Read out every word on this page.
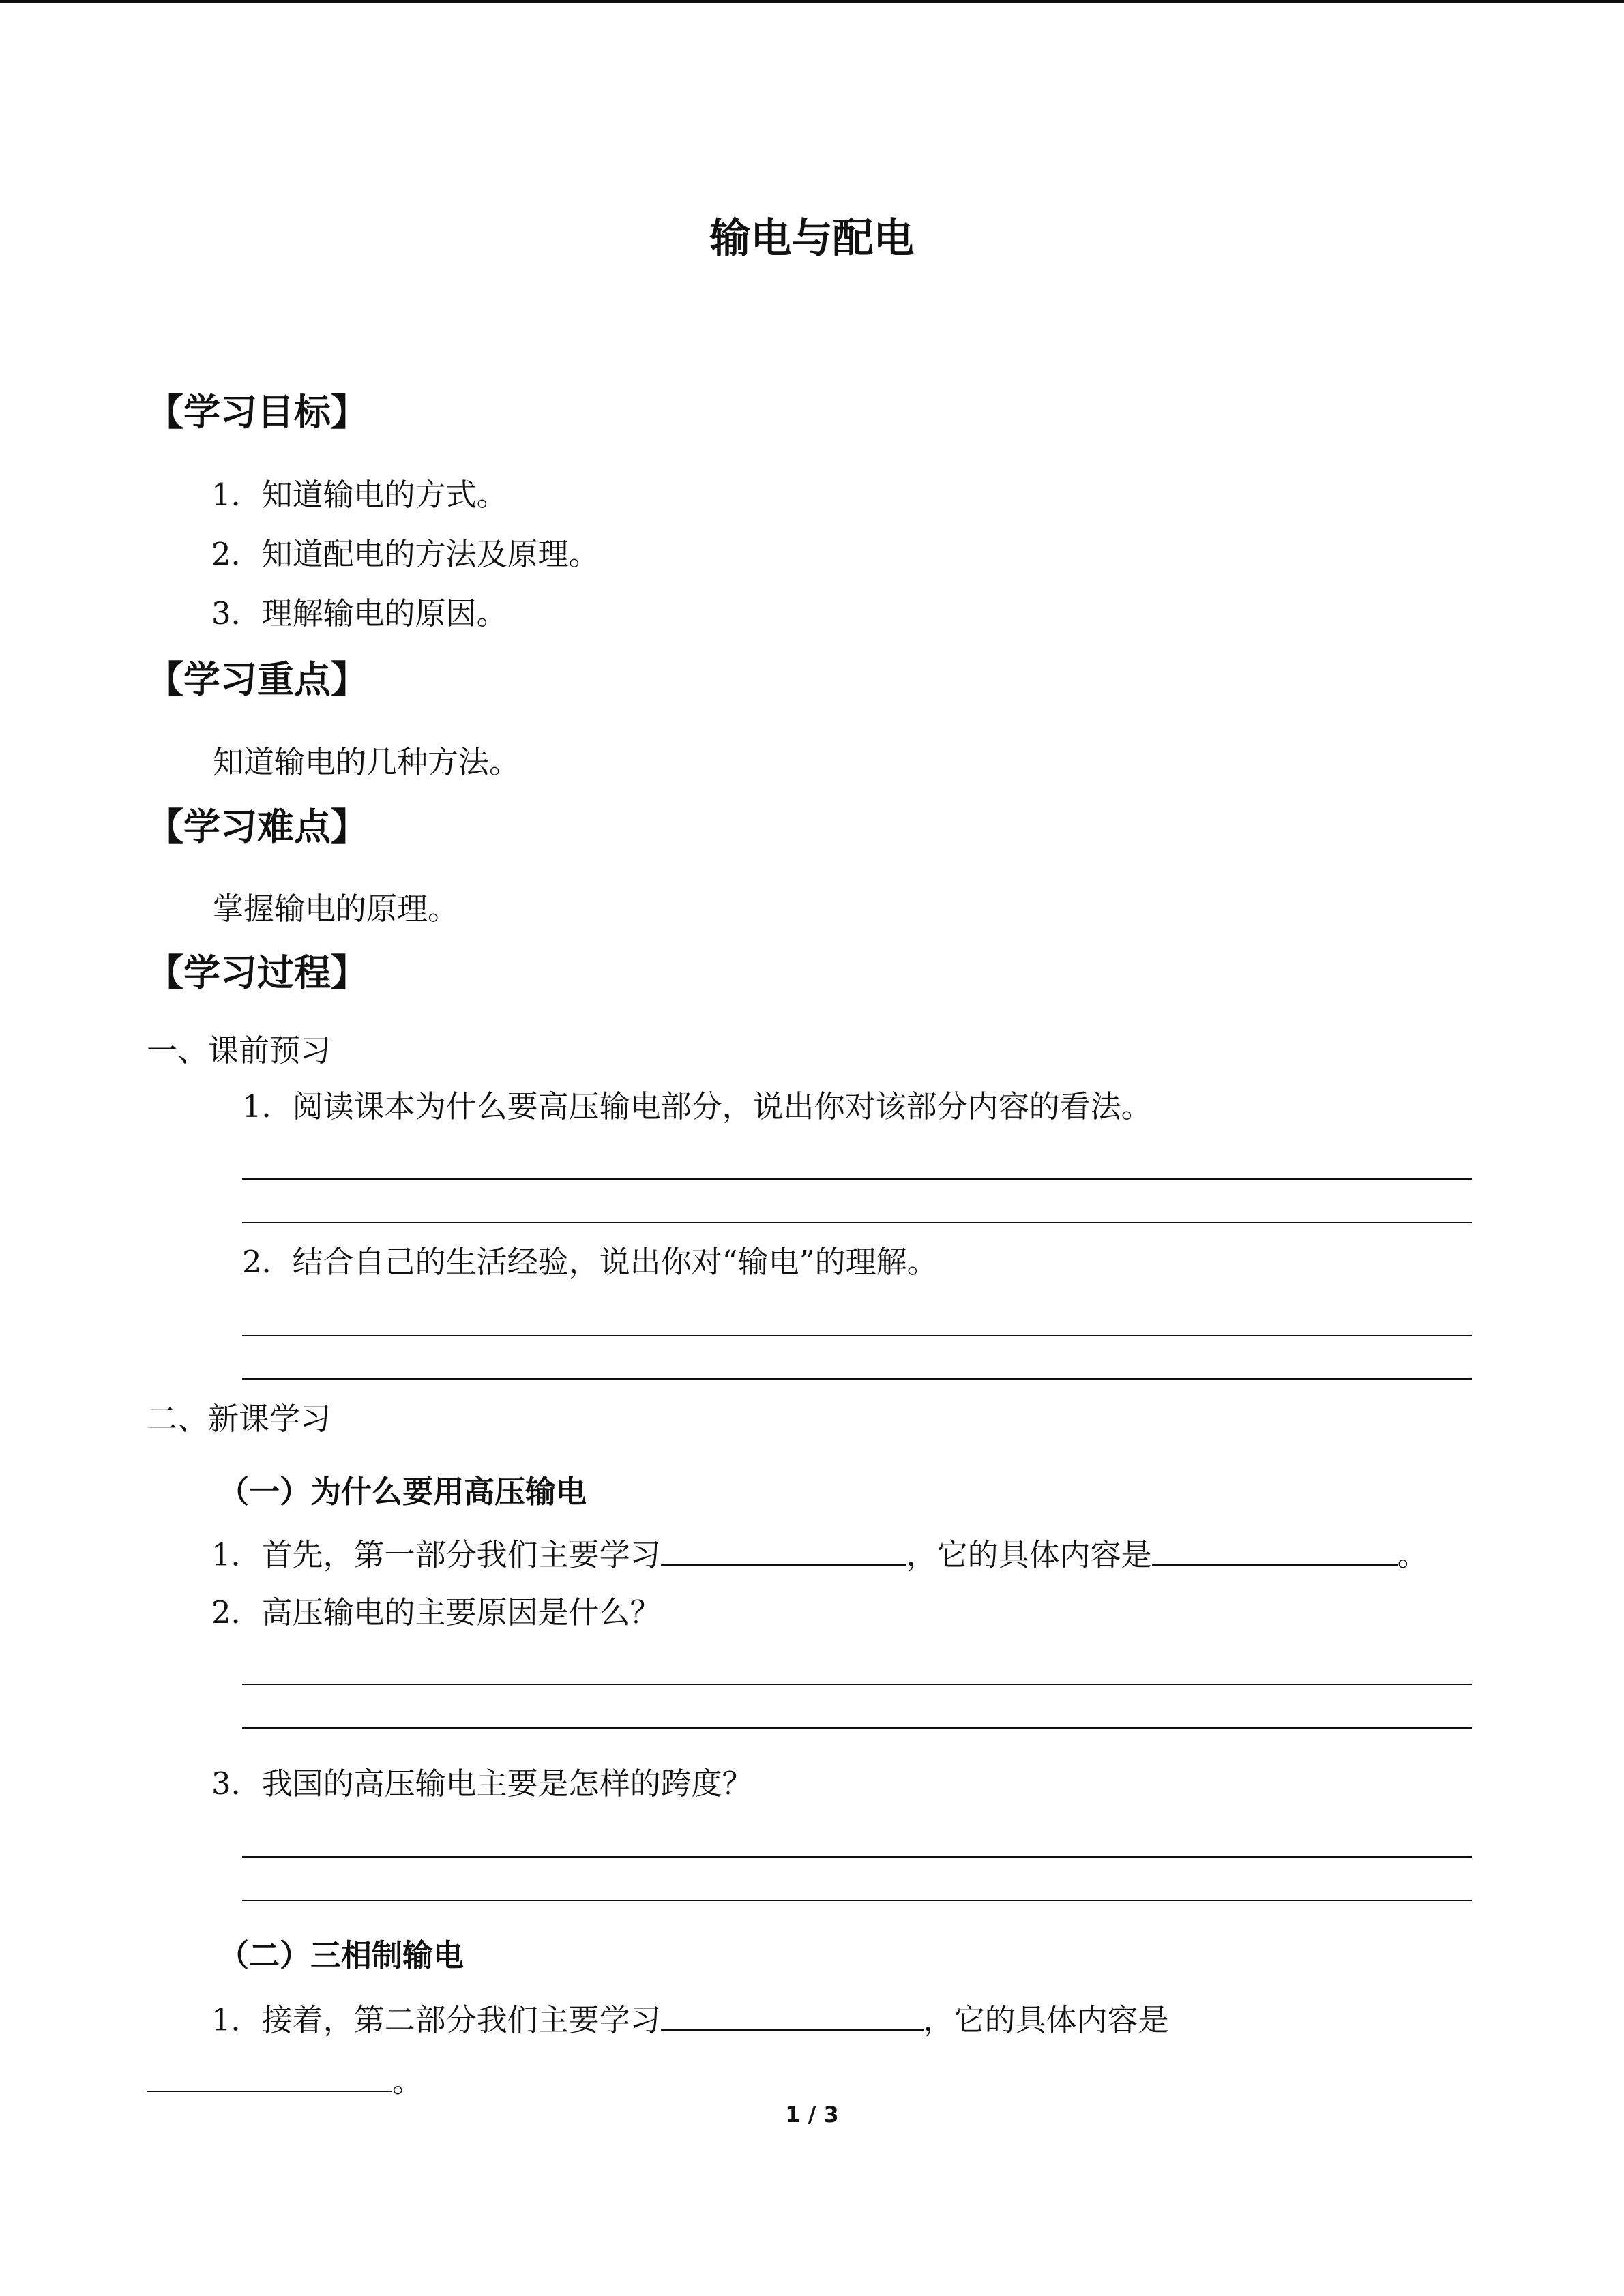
输电与配电
【学习目标】
1．知道输电的方式。
2．知道配电的方法及原理。
3．理解输电的原因。
【学习重点】
知道输电的几种方法。
【学习难点】
掌握输电的原理。
【学习过程】
一、课前预习
1．阅读课本为什么要高压输电部分，说出你对该部分内容的看法。
2．结合自己的生活经验，说出你对“输电”的理解。
二、新课学习
（一）为什么要用高压输电
1．首先，第一部分我们主要学习	，它的具体内容是	。
2．高压输电的主要原因是什么？
3．我国的高压输电主要是怎样的跨度？
（二）三相制输电
1．接着，第二部分我们主要学习	，它的具体内容是
。
1 / 3
